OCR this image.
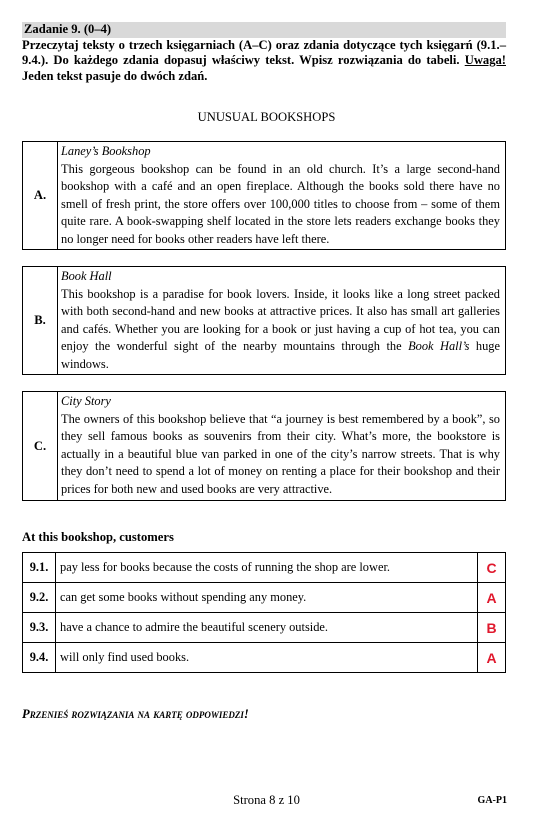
Zadanie 9. (0–4)
Przeczytaj teksty o trzech księgarniach (A–C) oraz zdania dotyczące tych księgarń (9.1.–9.4.). Do każdego zdania dopasuj właściwy tekst. Wpisz rozwiązania do tabeli. Uwaga! Jeden tekst pasuje do dwóch zdań.
UNUSUAL BOOKSHOPS
A.
Laney’s Bookshop
This gorgeous bookshop can be found in an old church. It’s a large second-hand bookshop with a café and an open fireplace. Although the books sold there have no smell of fresh print, the store offers over 100,000 titles to choose from – some of them quite rare. A book-swapping shelf located in the store lets readers exchange books they no longer need for books other readers have left there.
B.
Book Hall
This bookshop is a paradise for book lovers. Inside, it looks like a long street packed with both second-hand and new books at attractive prices. It also has small art galleries and cafés. Whether you are looking for a book or just having a cup of hot tea, you can enjoy the wonderful sight of the nearby mountains through the Book Hall’s huge windows.
C.
City Story
The owners of this bookshop believe that “a journey is best remembered by a book”, so they sell famous books as souvenirs from their city. What’s more, the bookstore is actually in a beautiful blue van parked in one of the city’s narrow streets. That is why they don’t need to spend a lot of money on renting a place for their bookshop and their prices for both new and used books are very attractive.
At this bookshop, customers
9.1.	pay less for books because the costs of running the shop are lower.	C
9.2.	can get some books without spending any money.	A
9.3.	have a chance to admire the beautiful scenery outside.	B
9.4.	will only find used books.	A
Przenieś rozwiązania na kartę odpowiedzi!
Strona 8 z 10	GA-P1
